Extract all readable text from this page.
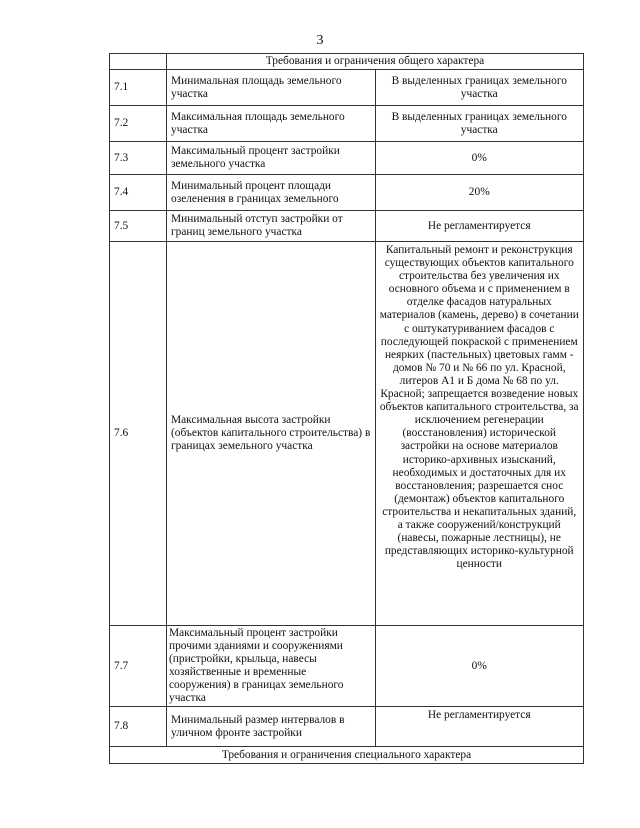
3
	Требования и ограничения общего характера	
7.1	Минимальная площадь земельного участка	В выделенных границах земельного участка
7.2	Максимальная площадь земельного участка	В выделенных границах земельного участка
7.3	Максимальный процент застройки земельного участка	0%
7.4	Минимальный процент площади озеленения в границах земельного	20%
7.5	Минимальный отступ застройки от границ земельного участка	Не регламентируется
7.6	Максимальная высота застройки (объектов капитального строительства) в границах земельного участка	Капитальный ремонт и реконструкция существующих объектов капитального строительства без увеличения их основного объема и с применением в отделке фасадов натуральных материалов (камень, дерево) в сочетании с оштукатуриванием фасадов с последующей покраской с применением неярких (пастельных) цветовых гамм - домов № 70 и № 66 по ул. Красной, литеров А1 и Б дома № 68 по ул. Красной; запрещается возведение новых объектов капитального строительства, за исключением регенерации (восстановления) исторической застройки на основе материалов историко-архивных изысканий, необходимых и достаточных для их восстановления; разрешается снос (демонтаж) объектов капитального строительства и некапитальных зданий, а также сооружений/конструкций (навесы, пожарные лестницы), не представляющих историко-культурной ценности
7.7	Максимальный процент застройки прочими зданиями и сооружениями (пристройки, крыльца, навесы хозяйственные и временные сооружения) в границах земельного участка	0%
7.8	Минимальный размер интервалов в уличном фронте застройки	Не регламентируется
Требования и ограничения специального характера		
